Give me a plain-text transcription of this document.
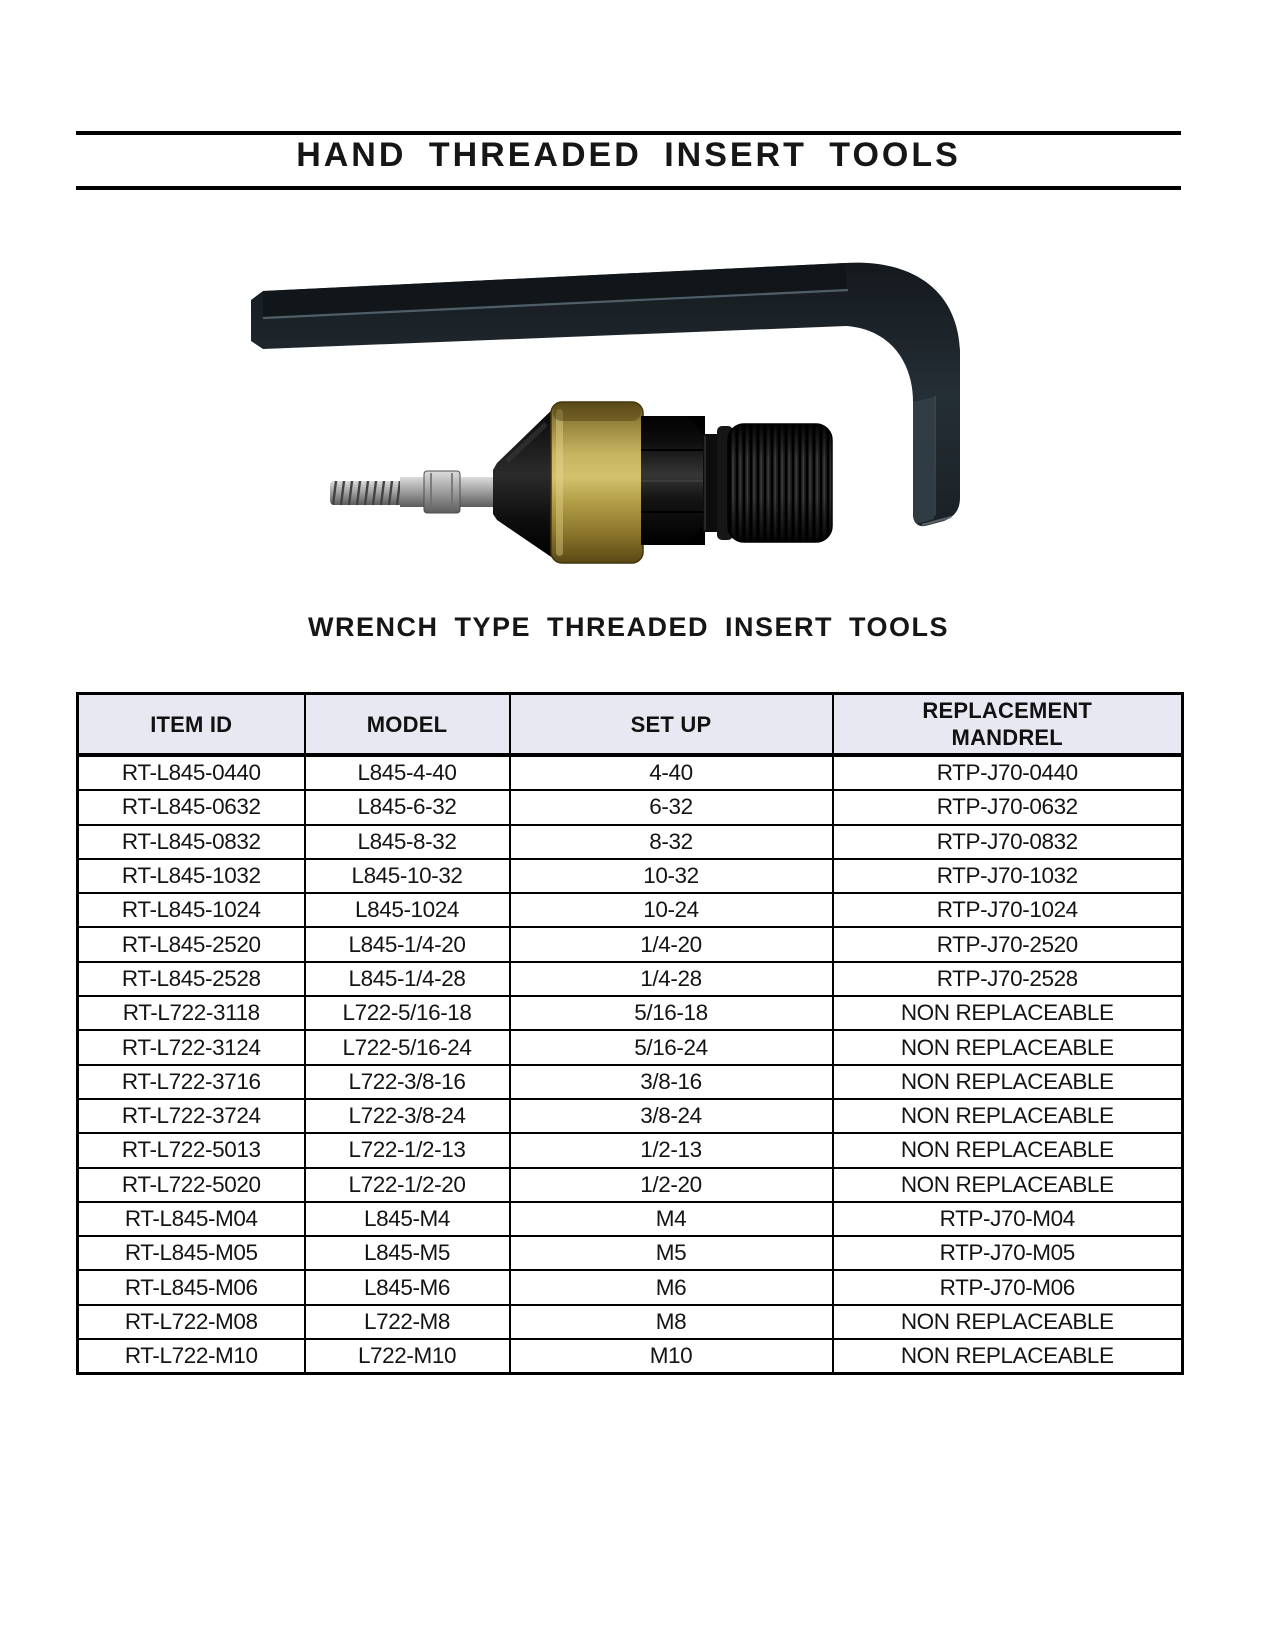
HAND THREADED INSERT TOOLS
WRENCH TYPE THREADED INSERT TOOLS
ITEM ID	MODEL	SET UP	REPLACEMENT
MANDREL
RT-L845-0440	L845-4-40	4-40	RTP-J70-0440
RT-L845-0632	L845-6-32	6-32	RTP-J70-0632
RT-L845-0832	L845-8-32	8-32	RTP-J70-0832
RT-L845-1032	L845-10-32	10-32	RTP-J70-1032
RT-L845-1024	L845-1024	10-24	RTP-J70-1024
RT-L845-2520	L845-1/4-20	1/4-20	RTP-J70-2520
RT-L845-2528	L845-1/4-28	1/4-28	RTP-J70-2528
RT-L722-3118	L722-5/16-18	5/16-18	NON REPLACEABLE
RT-L722-3124	L722-5/16-24	5/16-24	NON REPLACEABLE
RT-L722-3716	L722-3/8-16	3/8-16	NON REPLACEABLE
RT-L722-3724	L722-3/8-24	3/8-24	NON REPLACEABLE
RT-L722-5013	L722-1/2-13	1/2-13	NON REPLACEABLE
RT-L722-5020	L722-1/2-20	1/2-20	NON REPLACEABLE
RT-L845-M04	L845-M4	M4	RTP-J70-M04
RT-L845-M05	L845-M5	M5	RTP-J70-M05
RT-L845-M06	L845-M6	M6	RTP-J70-M06
RT-L722-M08	L722-M8	M8	NON REPLACEABLE
RT-L722-M10	L722-M10	M10	NON REPLACEABLE
